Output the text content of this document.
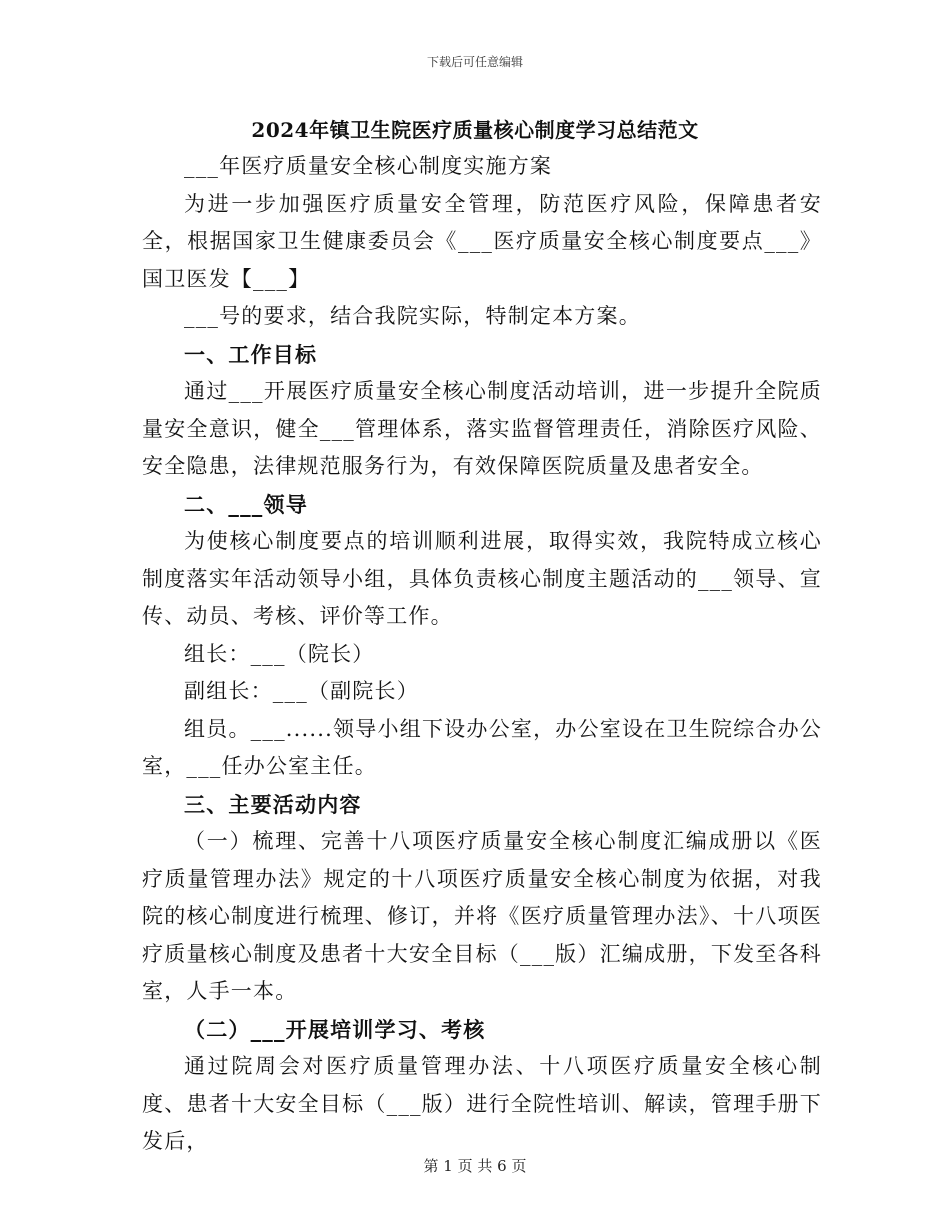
下载后可任意编辑
2024年镇卫生院医疗质量核心制度学习总结范文

___年医疗质量安全核心制度实施方案

为进一步加强医疗质量安全管理，防范医疗风险，保障患者安全，根据国家卫生健康委员会《___医疗质量安全核心制度要点___》国卫医发【___】

___号的要求，结合我院实际，特制定本方案。

一、工作目标

通过___开展医疗质量安全核心制度活动培训，进一步提升全院质量安全意识，健全___管理体系，落实监督管理责任，消除医疗风险、安全隐患，法律规范服务行为，有效保障医院质量及患者安全。

二、___领导

为使核心制度要点的培训顺利进展，取得实效，我院特成立核心制度落实年活动领导小组，具体负责核心制度主题活动的___领导、宣传、动员、考核、评价等工作。

组长：___（院长）

副组长：___（副院长）

组员。___......领导小组下设办公室，办公室设在卫生院综合办公室，___任办公室主任。

三、主要活动内容

（一）梳理、完善十八项医疗质量安全核心制度汇编成册以《医疗质量管理办法》规定的十八项医疗质量安全核心制度为依据，对我院的核心制度进行梳理、修订，并将《医疗质量管理办法》、十八项医疗质量核心制度及患者十大安全目标（___版）汇编成册，下发至各科室，人手一本。

（二）___开展培训学习、考核

通过院周会对医疗质量管理办法、十八项医疗质量安全核心制度、患者十大安全目标（___版）进行全院性培训、解读，管理手册下发后，

第 1 页 共 6 页
